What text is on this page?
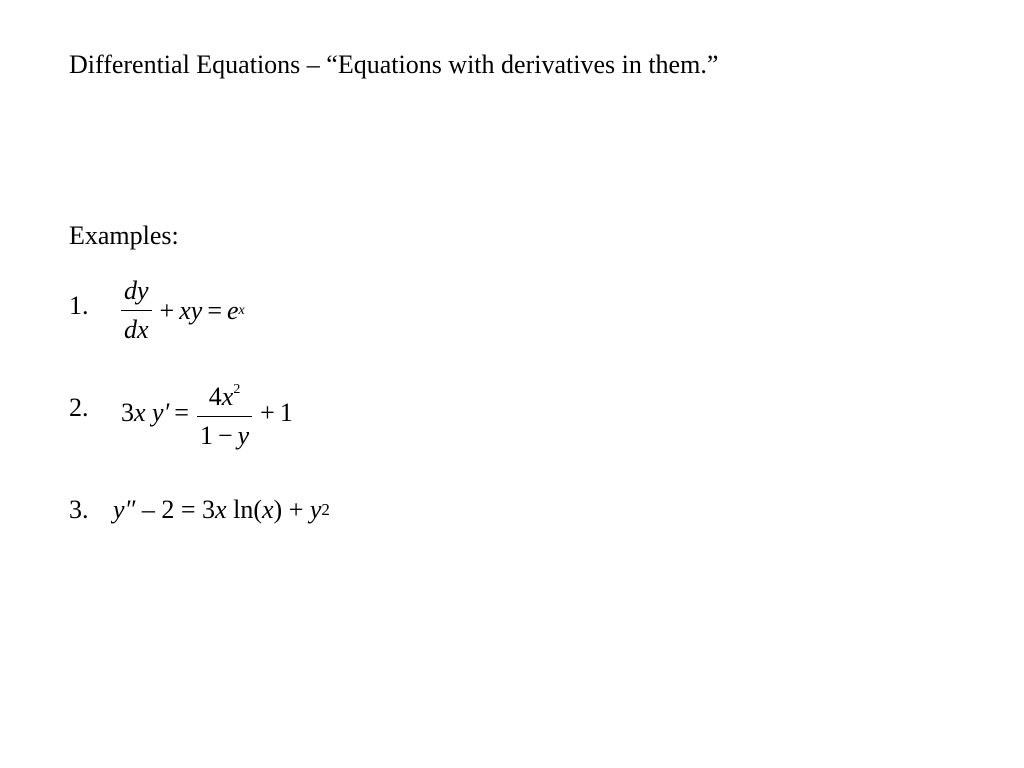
Differential Equations – “Equations with derivatives in them.”
Examples:
1. $\frac{dy}{dx}$ + xy = e x
2. 3 x
$y' = \frac{4x^2}{1 - y} + 1$
3. y″
– 2 =
3 x
ln( x )
+
y 2
